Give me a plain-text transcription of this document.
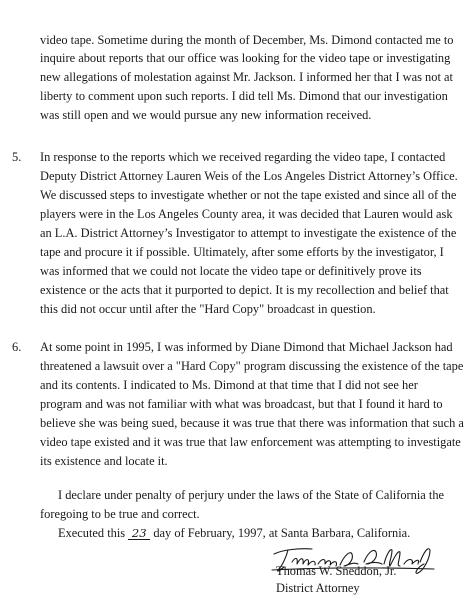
video tape. Sometime during the month of December, Ms. Dimond contacted me to
inquire about reports that our office was looking for the video tape or investigating
new allegations of molestation against Mr. Jackson. I informed her that I was not at
liberty to comment upon such reports. I did tell Ms. Dimond that our investigation
was still open and we would pursue any new information received.
5. In response to the reports which we received regarding the video tape, I contacted
Deputy District Attorney Lauren Weis of the Los Angeles District Attorney’s Office.
We discussed steps to investigate whether or not the tape existed and since all of the
players were in the Los Angeles County area, it was decided that Lauren would ask
an L.A. District Attorney’s Investigator to attempt to investigate the existence of the
tape and procure it if possible. Ultimately, after some efforts by the investigator, I
was informed that we could not locate the video tape or definitively prove its
existence or the acts that it purported to depict. It is my recollection and belief that
this did not occur until after the "Hard Copy" broadcast in question.
6. At some point in 1995, I was informed by Diane Dimond that Michael Jackson had
threatened a lawsuit over a "Hard Copy" program discussing the existence of the tape
and its contents. I indicated to Ms. Dimond at that time that I did not see her
program and was not familiar with what was broadcast, but that I found it hard to
believe she was being sued, because it was true that there was information that such a
video tape existed and it was true that law enforcement was attempting to investigate
its existence and locate it.
I declare under penalty of perjury under the laws of the State of California the
foregoing to be true and correct.
Executed this 23 day of February, 1997, at Santa Barbara, California.
Thomas W. Sneddon, Jr.
District Attorney
